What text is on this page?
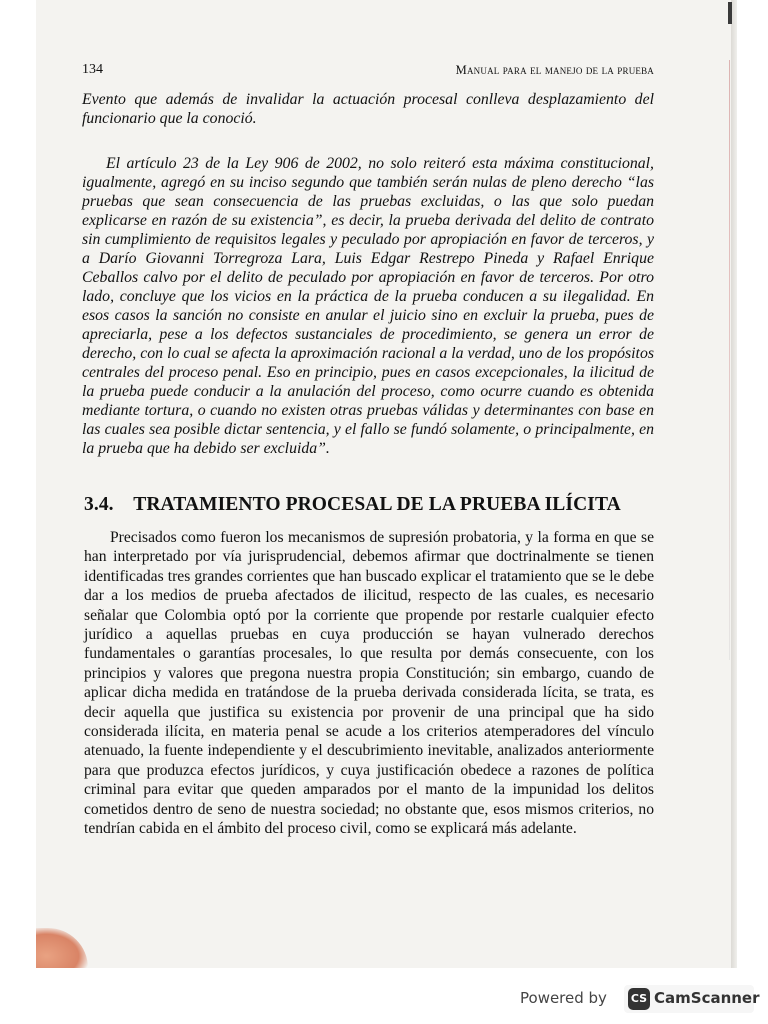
134	Manual para el manejo de la prueba

Evento que además de invalidar la actuación procesal conlleva desplazamiento del funcionario que la conoció.

El artículo 23 de la Ley 906 de 2002, no solo reiteró esta máxima constitucional, igualmente, agregó en su inciso segundo que también serán nulas de pleno derecho “las pruebas que sean consecuencia de las pruebas excluidas, o las que solo puedan explicarse en razón de su existencia”, es decir, la prueba derivada del delito de contrato sin cumplimiento de requisitos legales y peculado por apropiación en favor de terceros, y a Darío Giovanni Torregroza Lara, Luis Edgar Restrepo Pineda y Rafael Enrique Ceballos calvo por el delito de peculado por apropiación en favor de terceros. Por otro lado, concluye que los vicios en la práctica de la prueba conducen a su ilegalidad. En esos casos la sanción no consiste en anular el juicio sino en excluir la prueba, pues de apreciarla, pese a los defectos sustanciales de procedimiento, se genera un error de derecho, con lo cual se afecta la aproximación racional a la verdad, uno de los propósitos centrales del proceso penal. Eso en principio, pues en casos excepcionales, la ilicitud de la prueba puede conducir a la anulación del proceso, como ocurre cuando es obtenida mediante tortura, o cuando no existen otras pruebas válidas y determinantes con base en las cuales sea posible dictar sentencia, y el fallo se fundó solamente, o principalmente, en la prueba que ha debido ser excluida”.

3.4. TRATAMIENTO PROCESAL DE LA PRUEBA ILÍCITA

Precisados como fueron los mecanismos de supresión probatoria, y la forma en que se han interpretado por vía jurisprudencial, debemos afirmar que doctrinalmente se tienen identificadas tres grandes corrientes que han buscado explicar el tratamiento que se le debe dar a los medios de prueba afectados de ilicitud, respecto de las cuales, es necesario señalar que Colombia optó por la corriente que propende por restarle cualquier efecto jurídico a aquellas pruebas en cuya producción se hayan vulnerado derechos fundamentales o garantías procesales, lo que resulta por demás consecuente, con los principios y valores que pregona nuestra propia Constitución; sin embargo, cuando de aplicar dicha medida en tratándose de la prueba derivada considerada lícita, se trata, es decir aquella que justifica su existencia por provenir de una principal que ha sido considerada ilícita, en materia penal se acude a los criterios atemperadores del vínculo atenuado, la fuente independiente y el descubrimiento inevitable, analizados anteriormente para que produzca efectos jurídicos, y cuya justificación obedece a razones de política criminal para evitar que queden amparados por el manto de la impunidad los delitos cometidos dentro de seno de nuestra sociedad; no obstante que, esos mismos criterios, no tendrían cabida en el ámbito del proceso civil, como se explicará más adelante.

Powered by CS CamScanner
